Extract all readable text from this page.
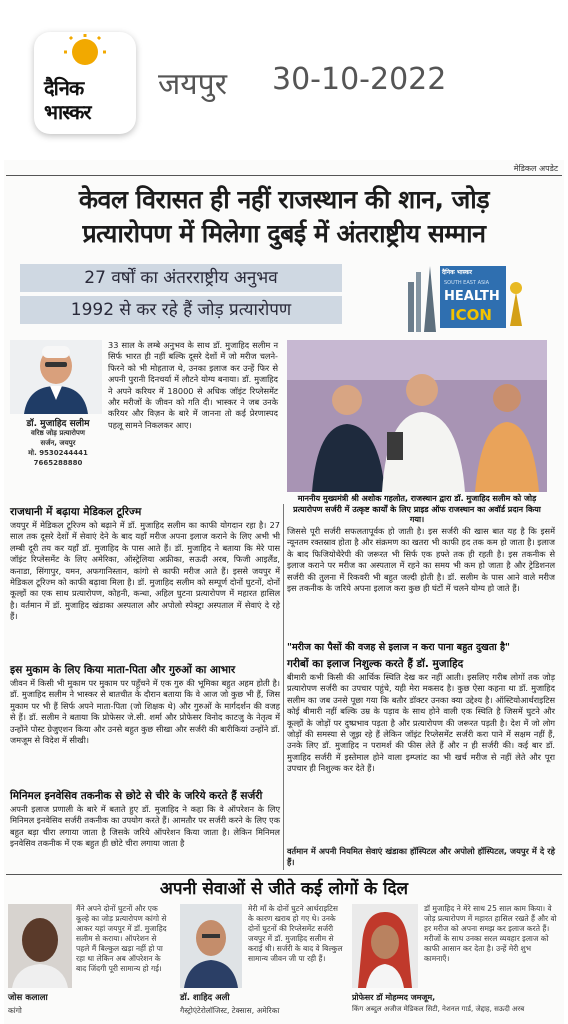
दैनिक
भास्कर
जयपुर 30-10-2022
मेडिकल अपडेट
केवल विरासत ही नहीं राजस्थान की शान, जोड़
प्रत्यारोपण में मिलेगा दुबई में अंतराष्ट्रीय सम्मान
27 वर्षों का अंतरराष्ट्रीय अनुभव
1992 से कर रहे हैं जोड़ प्रत्यारोपण
दैनिक भास्कर
SOUTH EAST ASIA
HEALTH
ICON
डॉ. मुजाहिद सलीम
वरिष्ठ जोड़ प्रत्यारोपण
सर्जन, जयपुर
मो. 9530244441
7665288880
33 साल के लम्बे अनुभव के साथ डॉ. मुजाहिद सलीम न सिर्फ भारत ही नहीं बल्कि दूसरे देशों में जो मरीज चलने-फिरने को भी मोहताज थे, उनका इलाज कर उन्हें फिर से अपनी पुरानी दिनचर्या में लौटने योग्य बनाया। डॉ. मुजाहिद ने अपने करियर में 18000 से अधिक जॉइंट रिप्लेसमेंट और मरीजों के जीवन को गति दी। भास्कर ने जब उनके करियर और विज़न के बारे में जानना तो कई प्रेरणास्पद पहलू सामने निकलकर आए।
माननीय मुख्यमंत्री श्री अशोक गहलोत, राजस्थान द्वारा डॉ. मुजाहिद सलीम को जोड़ प्रत्यारोपण सर्जरी में उत्कृष्ट कार्यों के लिए प्राइड ऑफ राजस्थान का अवॉर्ड प्रदान किया गया।
राजधानी में बढ़ाया मेडिकल टूरिज्म
जयपुर में मेडिकल टूरिज्म को बढ़ाने में डॉ. मुजाहिद सलीम का काफी योगदान रहा है। 27 साल तक दूसरे देशों में सेवाएं देने के बाद यहाँ मरीज अपना इलाज कराने के लिए अभी भी लम्बी दूरी तय कर यहाँ डॉ. मुजाहिद के पास आते हैं। डॉ. मुजाहिद ने बताया कि मेरे पास जॉइंट रिप्लेसमेंट के लिए अमेरिका, ऑस्ट्रेलिया अफ्रीका, सऊदी अरब, फिजी आइलैंड, कनाडा, सिंगापुर, यमन, अफगानिस्तान, कांगो से काफी मरीज आते हैं। इससे जयपुर में मेडिकल टूरिज्म को काफी बढ़ावा मिला है। डॉ. मुजाहिद सलीम को सम्पूर्ण दोनों घुटनों, दोनों कूल्हों का एक साथ प्रत्यारोपण, कोहनी, कन्धा, अहिल घुटना प्रत्यारोपण में महारत हासिल है। वर्तमान में डॉ. मुजाहिद खंडाका अस्पताल और अपोलो स्पेक्ट्रा अस्पताल में सेवाएं दे रहे हैं।
इस मुकाम के लिए किया माता-पिता और गुरुओं का आभार
जीवन में किसी भी मुकाम पर मुकाम पर पहुँचने में एक गुरु की भूमिका बहुत अहम होती है। डॉ. मुजाहिद सलीम ने भास्कर से बातचीत के दौरान बताया कि वे आज जो कुछ भी हैं, जिस मुकाम पर भी हैं सिर्फ अपने माता-पिता (जो शिक्षक थे) और गुरुओं के मार्गदर्शन की वजह से हैं। डॉ. सलीम ने बताया कि प्रोफेसर जे.सी. शर्मा और प्रोफेसर विनोद काटजु के नेतृत्व में उन्होंने पोस्ट ग्रेजुएशन किया और उनसे बहुत कुछ सीखा और सर्जरी की बारीकियां उन्होंने डॉ. जमजूम से विदेश में सीखी।
मिनिमल इनवेसिव तकनीक से छोटे से चीरे के जरिये करते हैं सर्जरी
अपनी इलाज प्रणाली के बारे में बताते हुए डॉ. मुजाहिद ने कहा कि वे ऑपरेशन के लिए मिनिमल इनवेसिव सर्जरी तकनीक का उपयोग करते हैं। आमतौर पर सर्जरी करने के लिए एक बहुत बड़ा चीरा लगाया जाता है जिसके जरिये ऑपरेशन किया जाता है। लेकिन मिनिमल इनवेसिव तकनीक में एक बहुत ही छोटे चीरा लगाया जाता है
जिससे पूरी सर्जरी सफलतापूर्वक हो जाती है। इस सर्जरी की खास बात यह है कि इसमें न्यूनतम रक्तस्राव होता है और संक्रमण का खतरा भी काफी हद तक कम हो जाता है। इलाज के बाद फिजियोथैरेपी की जरूरत भी सिर्फ एक हफ्ते तक ही रहती है। इस तकनीक से इलाज कराने पर मरीज का अस्पताल में रहने का समय भी कम हो जाता है और ट्रेडिशनल सर्जरी की तुलना में रिकवरी भी बहुत जल्दी होती है। डॉ. सलीम के पास आने वाले मरीज इस तकनीक के जरिये अपना इलाज करा कुछ ही घंटों में चलने योग्य हो जाते हैं।
"मरीज का पैसों की वजह से इलाज न करा पाना बहुत दुखता है"
गरीबों का इलाज निशुल्क करते हैं डॉ. मुजाहिद
बीमारी कभी किसी की आर्थिक स्थिति देख कर नहीं आती। इसलिए गरीब लोगों तक जोड़ प्रत्यारोपण सर्जरी का उपचार पहुंचे, यही मेरा मकसद है। कुछ ऐसा कहना था डॉ. मुजाहिद सलीम का जब उनसे पूछा गया कि बतौर डॉक्टर उनका क्या उद्देश्य है। ऑस्टियोआर्थराइटिस कोई बीमारी नहीं बल्कि उम्र के पड़ाव के साथ होने वाली एक स्थिति है जिसमें घुटने और कूल्हों के जोड़ों पर दुष्प्रभाव पड़ता है और प्रत्यारोपण की जरूरत पड़ती है। देश में जो लोग जोड़ों की समस्या से जूझ रहे हैं लेकिन जॉइंट रिप्लेसमेंट सर्जरी करा पाने में सक्षम नहीं हैं, उनके लिए डॉ. मुजाहिद न परामर्श की फीस लेते हैं और न ही सर्जरी की। कई बार डॉ. मुजाहिद सर्जरी में इस्तेमाल होने वाला इम्प्लांट का भी खर्च मरीज से नहीं लेते और पूरा उपचार ही निशुल्क कर देते हैं।
वर्तमान में अपनी नियमित सेवाएं खंडाका हॉस्पिटल और अपोलो हॉस्पिटल, जयपुर में दे रहे हैं।
अपनी सेवाओं से जीते कई लोगों के दिल
मैंने अपने दोनों घुटनों और एक कूल्हे का जोड़ प्रत्यारोपण कांगो से आकर यहां जयपुर में डॉ. मुजाहिद सलीम से कराया। ऑपरेशन से पहले मैं बिल्कुल खड़ा नहीं हो पा रहा था लेकिन अब ऑपरेशन के बाद जिंदगी पूरी सामान्य हो गई।
जोस कलाला
कांगो
मेरी माँ के दोनों घुटने आर्थराइटिस के कारण खराब हो गए थे। उनके दोनों घुटनों की रिप्लेसमेंट सर्जरी जयपुर में डॉ. मुजाहिद सलीम से कराई थी। सर्जरी के बाद वे बिल्कुल सामान्य जीवन जी पा रही हैं।
डॉ. शाहिद अली
गैस्ट्रोएंटेरोलॉजिस्ट, टेक्सास, अमेरिका
डॉ मुजाहिद ने मेरे साथ 25 साल काम किया। वे जोड़ प्रत्यारोपण में महारत हासिल रखते हैं और वो हर मरीज को अपना समझ कर इलाज करते हैं। मरीजों के साथ उनका सरल व्यवहार इलाज को काफी आसान कर देता है। उन्हें मेरी शुभ कामनाएँ।
प्रोफेसर डॉ मोहम्मद जमजूम,
किंग अब्दुल अजीज मेडिकल सिटी, नेशनल गार्ड, जेद्दाह, सऊदी अरब
